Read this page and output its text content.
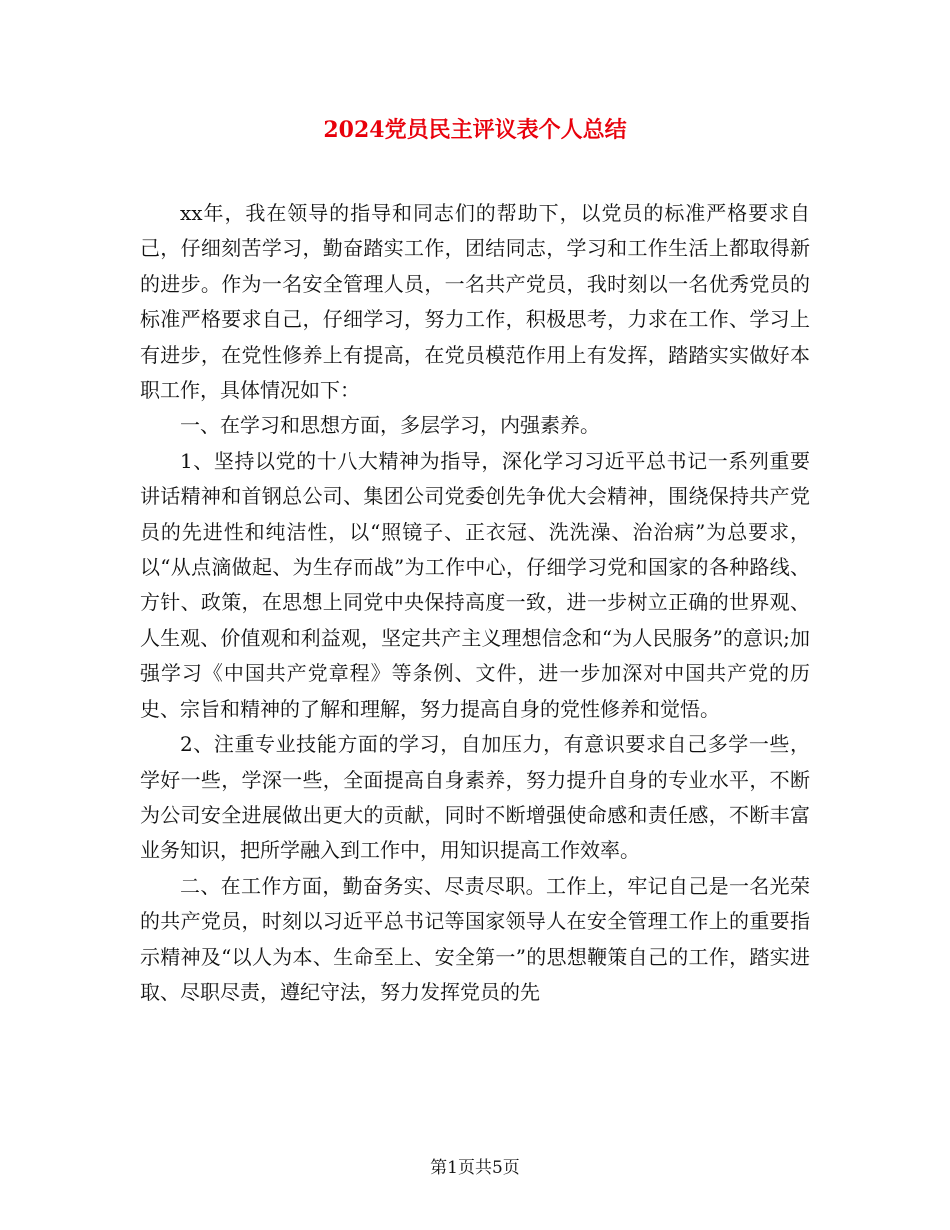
2024党员民主评议表个人总结

xx年，我在领导的指导和同志们的帮助下，以党员的标准严格要求自己，仔细刻苦学习，勤奋踏实工作，团结同志，学习和工作生活上都取得新的进步。作为一名安全管理人员，一名共产党员，我时刻以一名优秀党员的标准严格要求自己，仔细学习，努力工作，积极思考，力求在工作、学习上有进步，在党性修养上有提高，在党员模范作用上有发挥，踏踏实实做好本职工作，具体情况如下：

一、在学习和思想方面，多层学习，内强素养。

1、坚持以党的十八大精神为指导，深化学习习近平总书记一系列重要讲话精神和首钢总公司、集团公司党委创先争优大会精神，围绕保持共产党员的先进性和纯洁性，以“照镜子、正衣冠、洗洗澡、治治病”为总要求，以“从点滴做起、为生存而战”为工作中心，仔细学习党和国家的各种路线、方针、政策，在思想上同党中央保持高度一致，进一步树立正确的世界观、人生观、价值观和利益观，坚定共产主义理想信念和“为人民服务”的意识;加强学习《中国共产党章程》等条例、文件，进一步加深对中国共产党的历史、宗旨和精神的了解和理解，努力提高自身的党性修养和觉悟。

2、注重专业技能方面的学习，自加压力，有意识要求自己多学一些，学好一些，学深一些，全面提高自身素养，努力提升自身的专业水平，不断为公司安全进展做出更大的贡献，同时不断增强使命感和责任感，不断丰富业务知识，把所学融入到工作中，用知识提高工作效率。

二、在工作方面，勤奋务实、尽责尽职。工作上，牢记自己是一名光荣的共产党员，时刻以习近平总书记等国家领导人在安全管理工作上的重要指示精神及“以人为本、生命至上、安全第一”的思想鞭策自己的工作，踏实进取、尽职尽责，遵纪守法，努力发挥党员的先

第1页共5页
